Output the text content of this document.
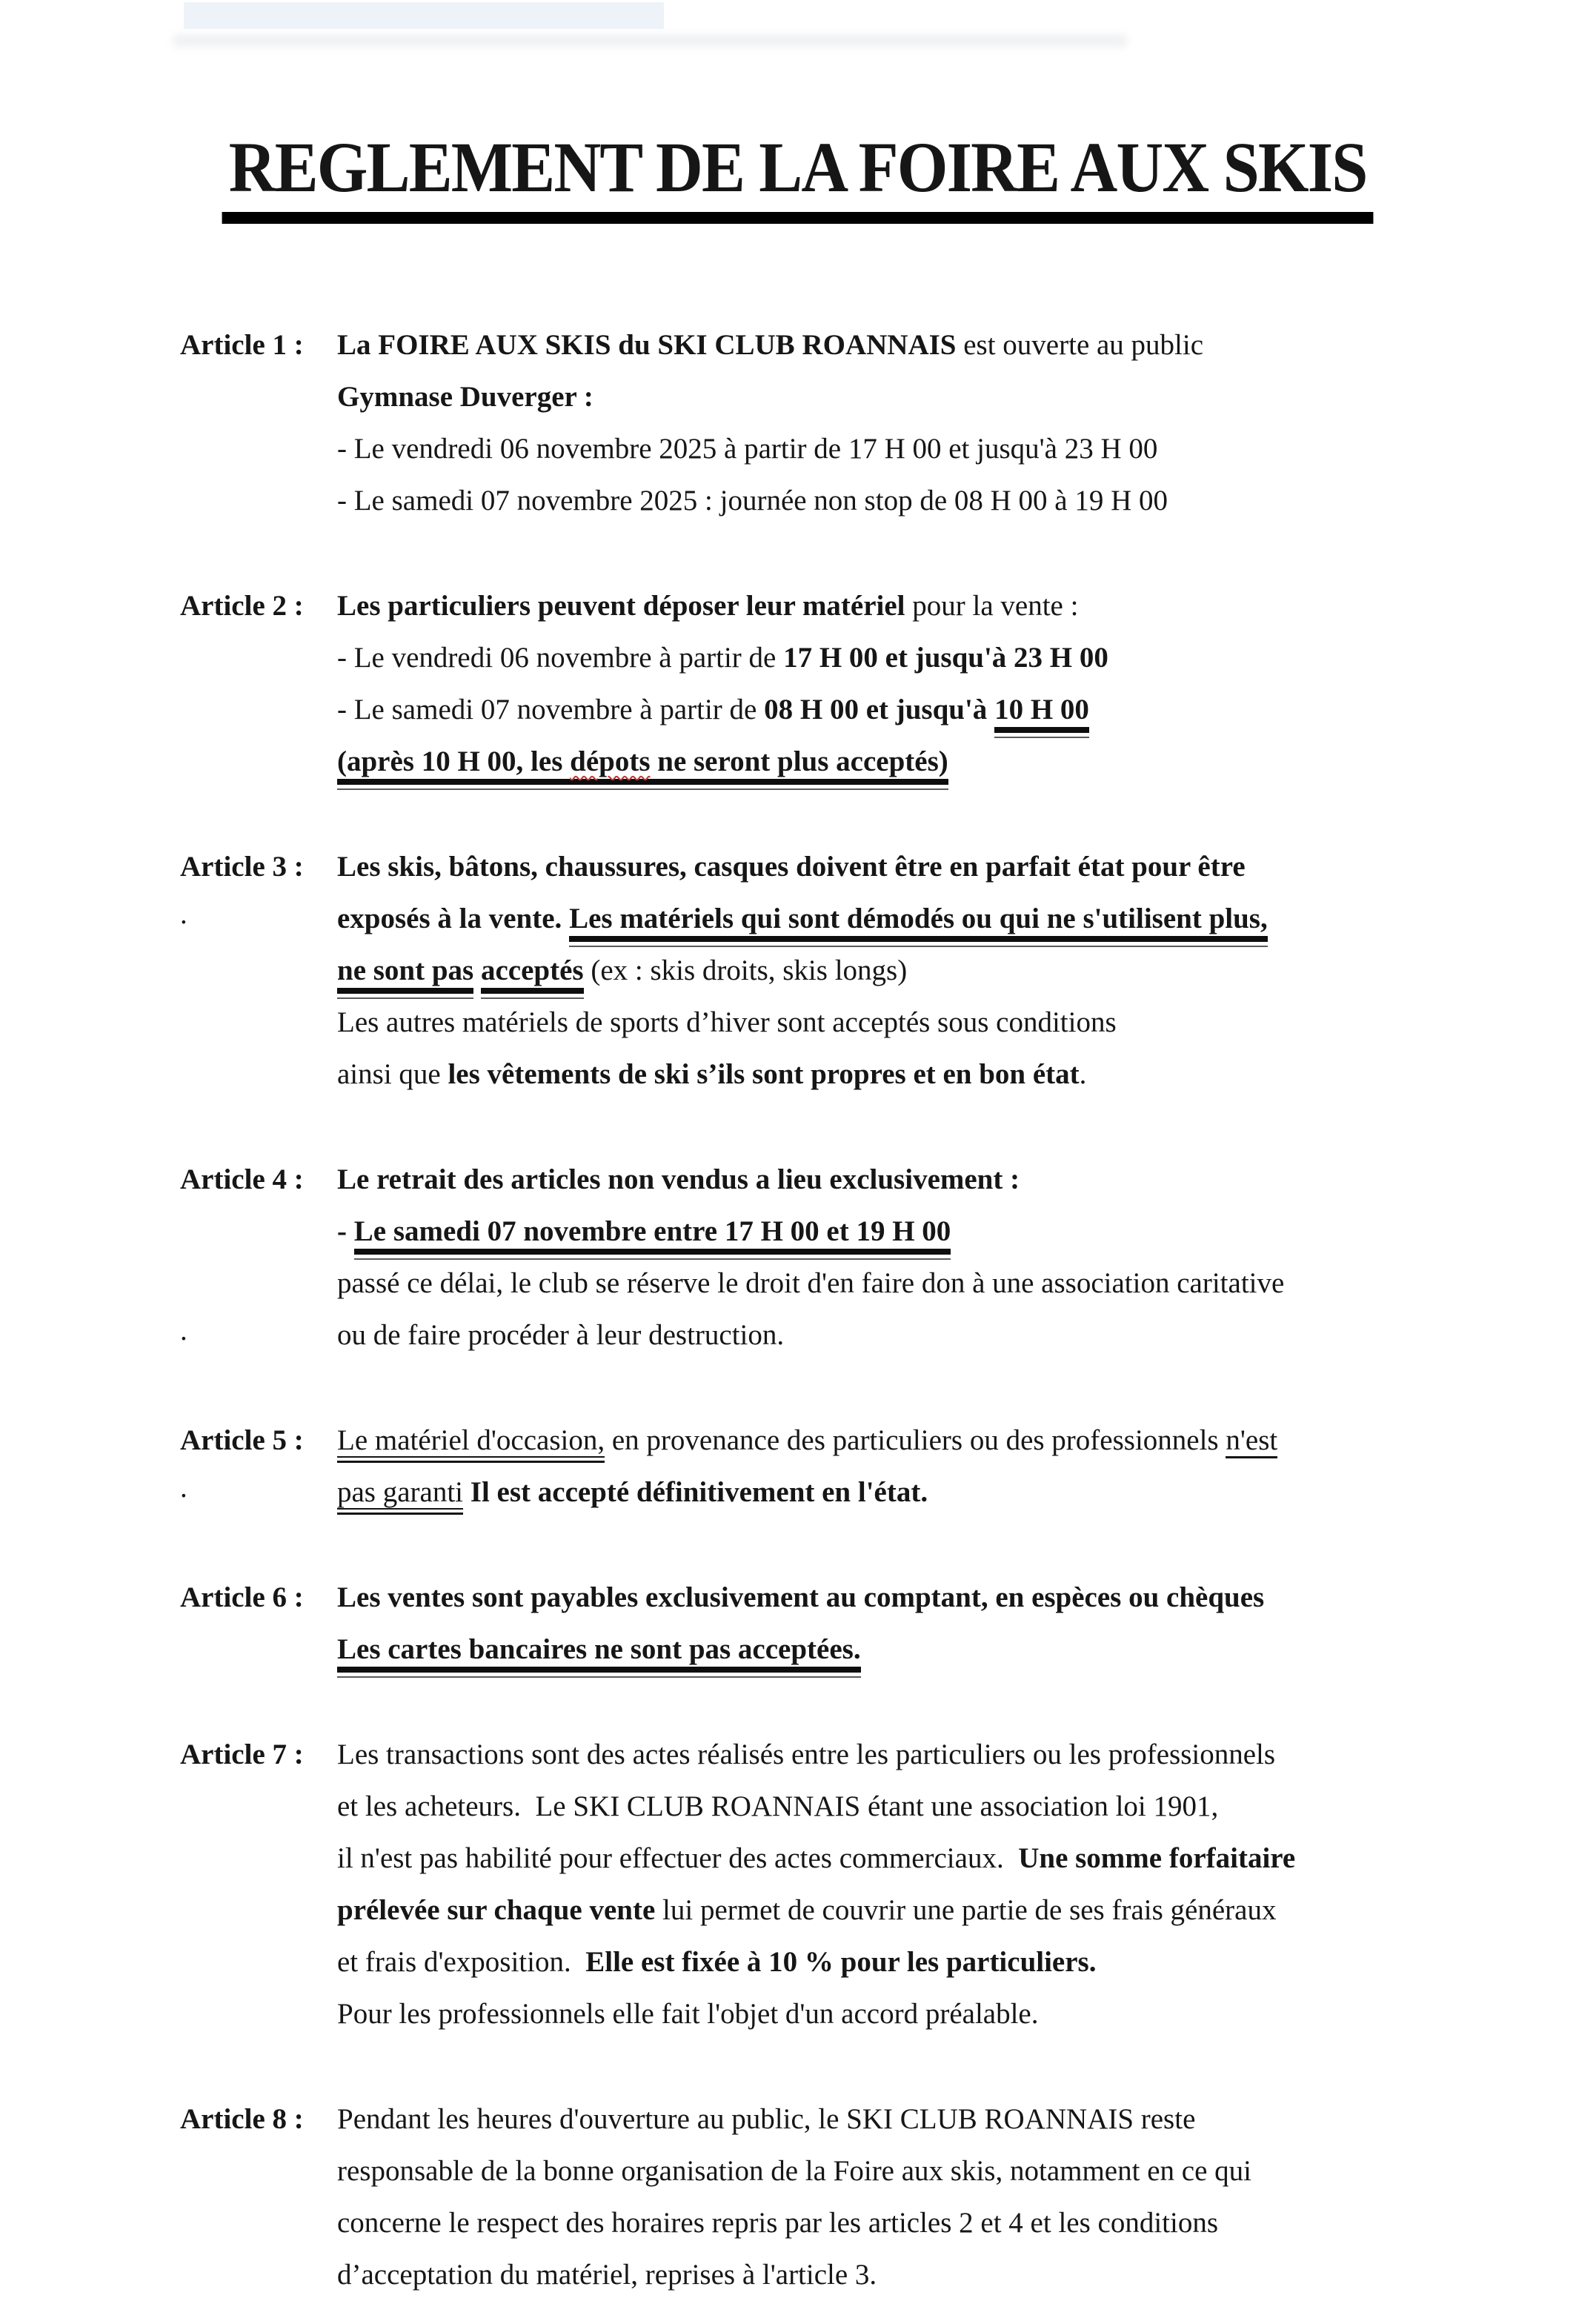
REGLEMENT DE LA FOIRE AUX SKIS
Article 1 : La FOIRE AUX SKIS du SKI CLUB ROANNAIS est ouverte au public
Gymnase Duverger :
- Le vendredi 06 novembre 2025 à partir de 17 H 00 et jusqu'à 23 H 00
- Le samedi 07 novembre 2025 : journée non stop de 08 H 00 à 19 H 00
Article 2 : Les particuliers peuvent déposer leur matériel pour la vente :
- Le vendredi 06 novembre à partir de 17 H 00 et jusqu'à 23 H 00
- Le samedi 07 novembre à partir de 08 H 00 et jusqu'à 10 H 00
(après 10 H 00, les dépots ne seront plus acceptés)
Article 3 : Les skis, bâtons, chaussures, casques doivent être en parfait état pour être
.	exposés à la vente. Les matériels qui sont démodés ou qui ne s'utilisent plus,
ne sont pas acceptés (ex : skis droits, skis longs)
Les autres matériels de sports d’hiver sont acceptés sous conditions
ainsi que les vêtements de ski s’ils sont propres et en bon état.
Article 4 : Le retrait des articles non vendus a lieu exclusivement :
- Le samedi 07 novembre entre 17 H 00 et 19 H 00
passé ce délai, le club se réserve le droit d'en faire don à une association caritative
.	ou de faire procéder à leur destruction.
Article 5 : Le matériel d'occasion, en provenance des particuliers ou des professionnels n'est
.	pas garanti Il est accepté définitivement en l'état.
Article 6 : Les ventes sont payables exclusivement au comptant, en espèces ou chèques
Les cartes bancaires ne sont pas acceptées.
Article 7 : Les transactions sont des actes réalisés entre les particuliers ou les professionnels
et les acheteurs.  Le SKI CLUB ROANNAIS étant une association loi 1901,
il n'est pas habilité pour effectuer des actes commerciaux.  Une somme forfaitaire
prélevée sur chaque vente lui permet de couvrir une partie de ses frais généraux
et frais d'exposition.  Elle est fixée à 10 % pour les particuliers.
Pour les professionnels elle fait l'objet d'un accord préalable.
Article 8 : Pendant les heures d'ouverture au public, le SKI CLUB ROANNAIS reste
responsable de la bonne organisation de la Foire aux skis, notamment en ce qui
concerne le respect des horaires repris par les articles 2 et 4 et les conditions
d’acceptation du matériel, reprises à l'article 3.
